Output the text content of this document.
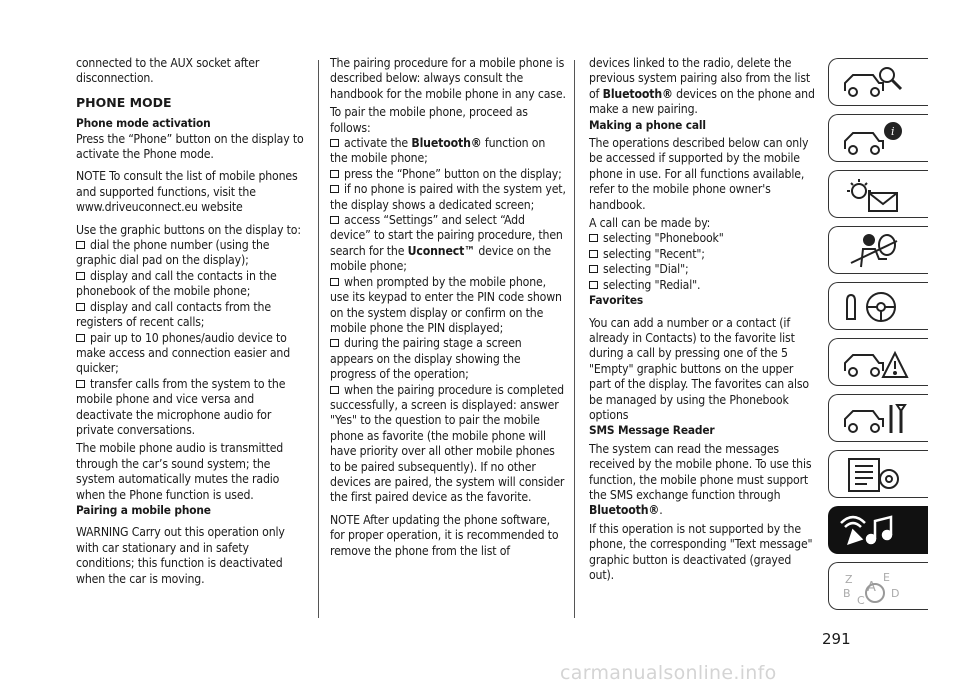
connected to the AUX socket after disconnection.

PHONE MODE

Phone mode activation

Press the “Phone” button on the display to activate the Phone mode.

NOTE To consult the list of mobile phones and supported functions, visit the www.driveuconnect.eu website

Use the graphic buttons on the display to:

dial the phone number (using the graphic dial pad on the display);
display and call the contacts in the phonebook of the mobile phone;
display and call contacts from the registers of recent calls;
pair up to 10 phones/audio device to make access and connection easier and quicker;
transfer calls from the system to the mobile phone and vice versa and deactivate the microphone audio for private conversations.

The mobile phone audio is transmitted through the car’s sound system; the system automatically mutes the radio when the Phone function is used.

Pairing a mobile phone

WARNING Carry out this operation only with car stationary and in safety conditions; this function is deactivated when the car is moving.

The pairing procedure for a mobile phone is described below: always consult the handbook for the mobile phone in any case.

To pair the mobile phone, proceed as follows:

activate the Bluetooth® function on the mobile phone;
press the “Phone” button on the display;
if no phone is paired with the system yet, the display shows a dedicated screen;
access “Settings” and select “Add device” to start the pairing procedure, then search for the Uconnect™ device on the mobile phone;
when prompted by the mobile phone, use its keypad to enter the PIN code shown on the system display or confirm on the mobile phone the PIN displayed;
during the pairing stage a screen appears on the display showing the progress of the operation;
when the pairing procedure is completed successfully, a screen is displayed: answer "Yes" to the question to pair the mobile phone as favorite (the mobile phone will have priority over all other mobile phones to be paired subsequently). If no other devices are paired, the system will consider the first paired device as the favorite.

NOTE After updating the phone software, for proper operation, it is recommended to remove the phone from the list of

devices linked to the radio, delete the previous system pairing also from the list of Bluetooth® devices on the phone and make a new pairing.

Making a phone call

The operations described below can only be accessed if supported by the mobile phone in use. For all functions available, refer to the mobile phone owner's handbook.

A call can be made by:

selecting "Phonebook"
selecting "Recent";
selecting "Dial";
selecting "Redial".

Favorites

You can add a number or a contact (if already in Contacts) to the favorite list during a call by pressing one of the 5 "Empty" graphic buttons on the upper part of the display. The favorites can also be managed by using the Phonebook options

SMS Message Reader

The system can read the messages received by the mobile phone. To use this function, the mobile phone must support the SMS exchange function through Bluetooth®.

If this operation is not supported by the phone, the corresponding "Text message" graphic button is deactivated (grayed out).

i
Z	E
B A
C
D
291
carmanualsonline.info
